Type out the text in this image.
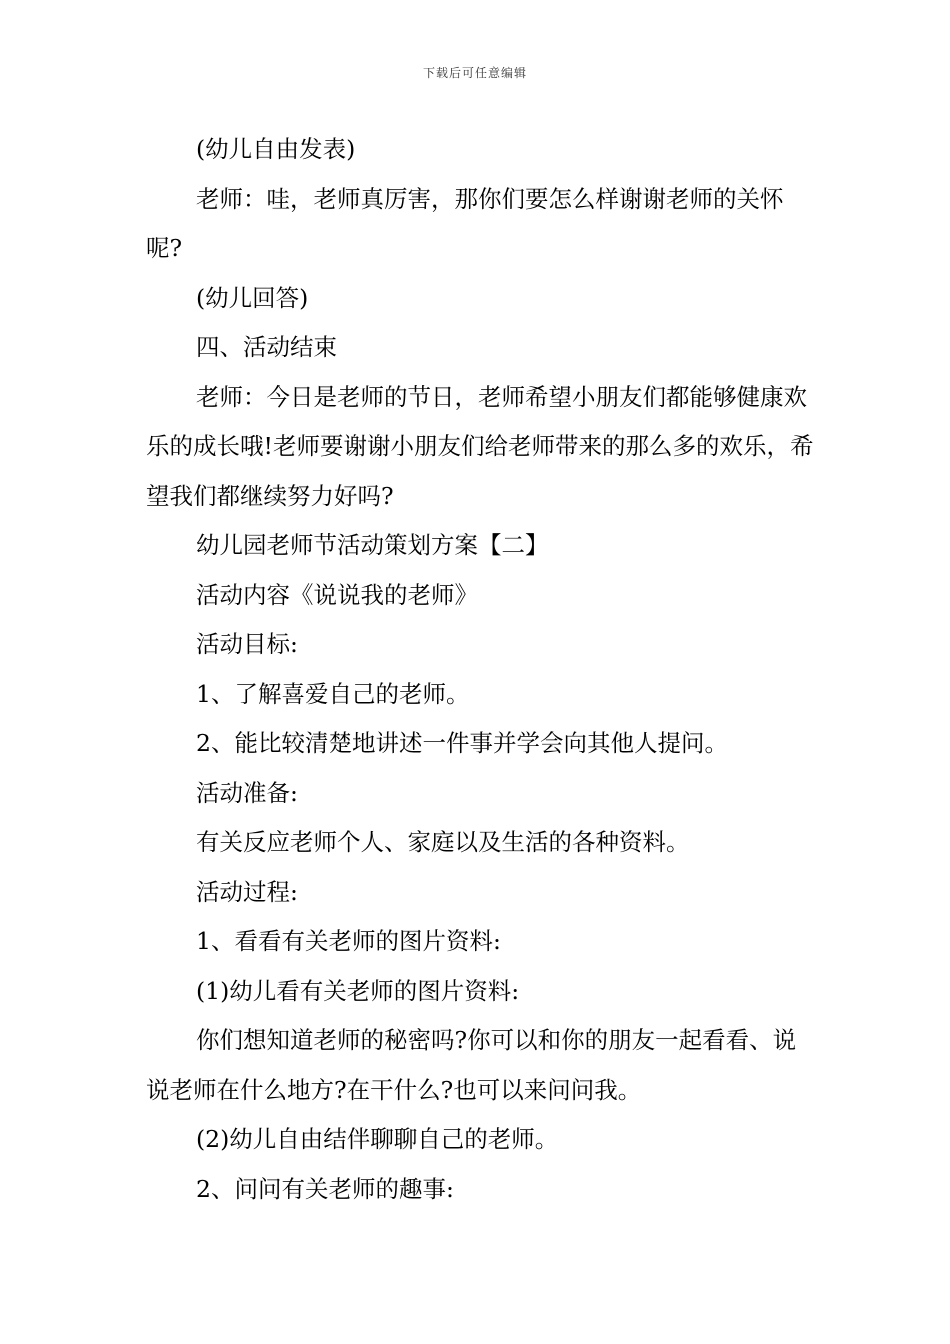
下载后可任意编辑

(幼儿自由发表)

老师：哇，老师真厉害，那你们要怎么样谢谢老师的关怀呢?

(幼儿回答)

四、活动结束

老师：今日是老师的节日，老师希望小朋友们都能够健康欢乐的成长哦!老师要谢谢小朋友们给老师带来的那么多的欢乐，希望我们都继续努力好吗?

幼儿园老师节活动策划方案【二】

活动内容《说说我的老师》

活动目标:

1、了解喜爱自己的老师。

2、能比较清楚地讲述一件事并学会向其他人提问。

活动准备:

有关反应老师个人、家庭以及生活的各种资料。

活动过程:

1、看看有关老师的图片资料:

(1)幼儿看有关老师的图片资料:

你们想知道老师的秘密吗?你可以和你的朋友一起看看、说说老师在什么地方?在干什么?也可以来问问我。

(2)幼儿自由结伴聊聊自己的老师。

2、问问有关老师的趣事:
